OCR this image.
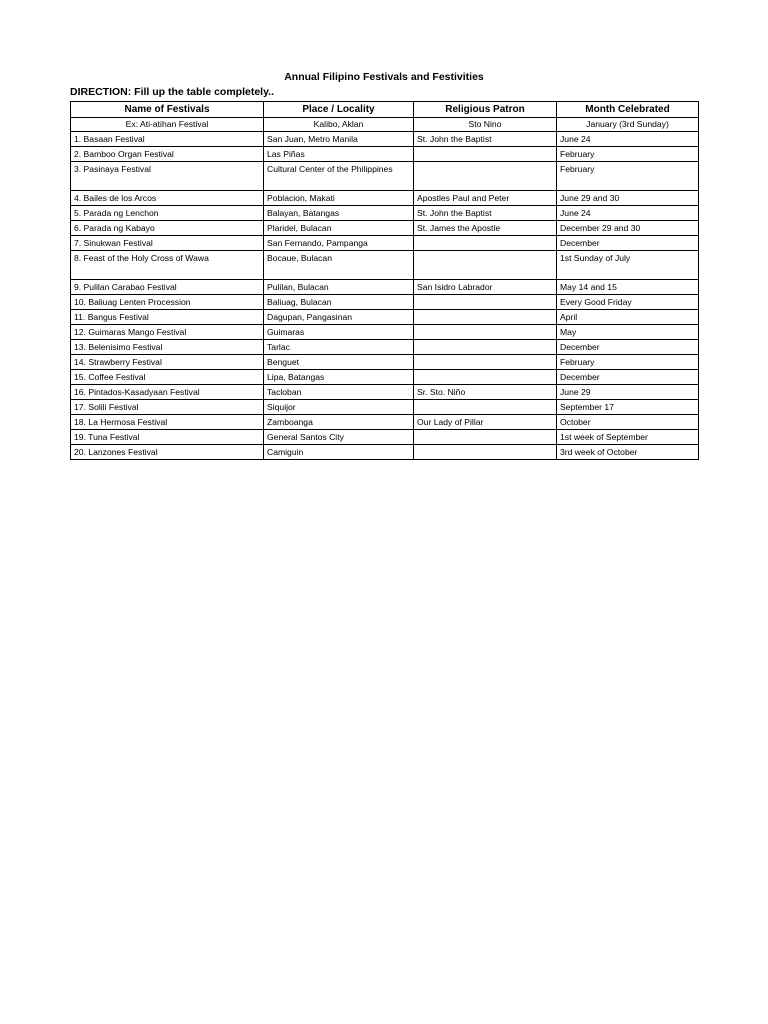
Annual Filipino Festivals and Festivities
DIRECTION: Fill up the table completely..
Name of Festivals	Place / Locality	Religious Patron	Month Celebrated
Ex: Ati-atihan Festival	Kalibo, Aklan	Sto Nino	January (3rd Sunday)
1. Basaan Festival	San Juan, Metro Manila	St. John the Baptist	June 24
2. Bamboo Organ Festival	Las Piñas		February
3. Pasinaya Festival	Cultural Center of the Philippines		February
4. Bailes de los Arcos	Poblacion, Makati	Apostles Paul and Peter	June 29 and 30
5. Parada ng Lenchon	Balayan, Batangas	St. John the Baptist	June 24
6. Parada ng Kabayo	Plaridel, Bulacan	St. James the Apostle	December 29 and 30
7. Sinukwan Festival	San Fernando, Pampanga		December
8. Feast of the Holy Cross of Wawa	Bocaue, Bulacan		1st Sunday of July
9. Pulilan Carabao Festival	Pulilan, Bulacan	San Isidro Labrador	May 14 and 15
10. Baliuag Lenten Procession	Baliuag, Bulacan		Every Good Friday
11. Bangus Festival	Dagupan, Pangasinan		April
12. Guimaras Mango Festival	Guimaras		May
13. Belenisimo Festival	Tarlac		December
14. Strawberry Festival	Benguet		February
15. Coffee Festival	Lipa, Batangas		December
16. Pintados-Kasadyaan Festival	Tacloban	Sr. Sto. Niño	June 29
17. Solili Festival	Siquijor		September 17
18. La Hermosa Festival	Zamboanga	Our Lady of Pillar	October
19. Tuna Festival	General Santos City		1st week of September
20. Lanzones Festival	Camiguin		3rd week of October
